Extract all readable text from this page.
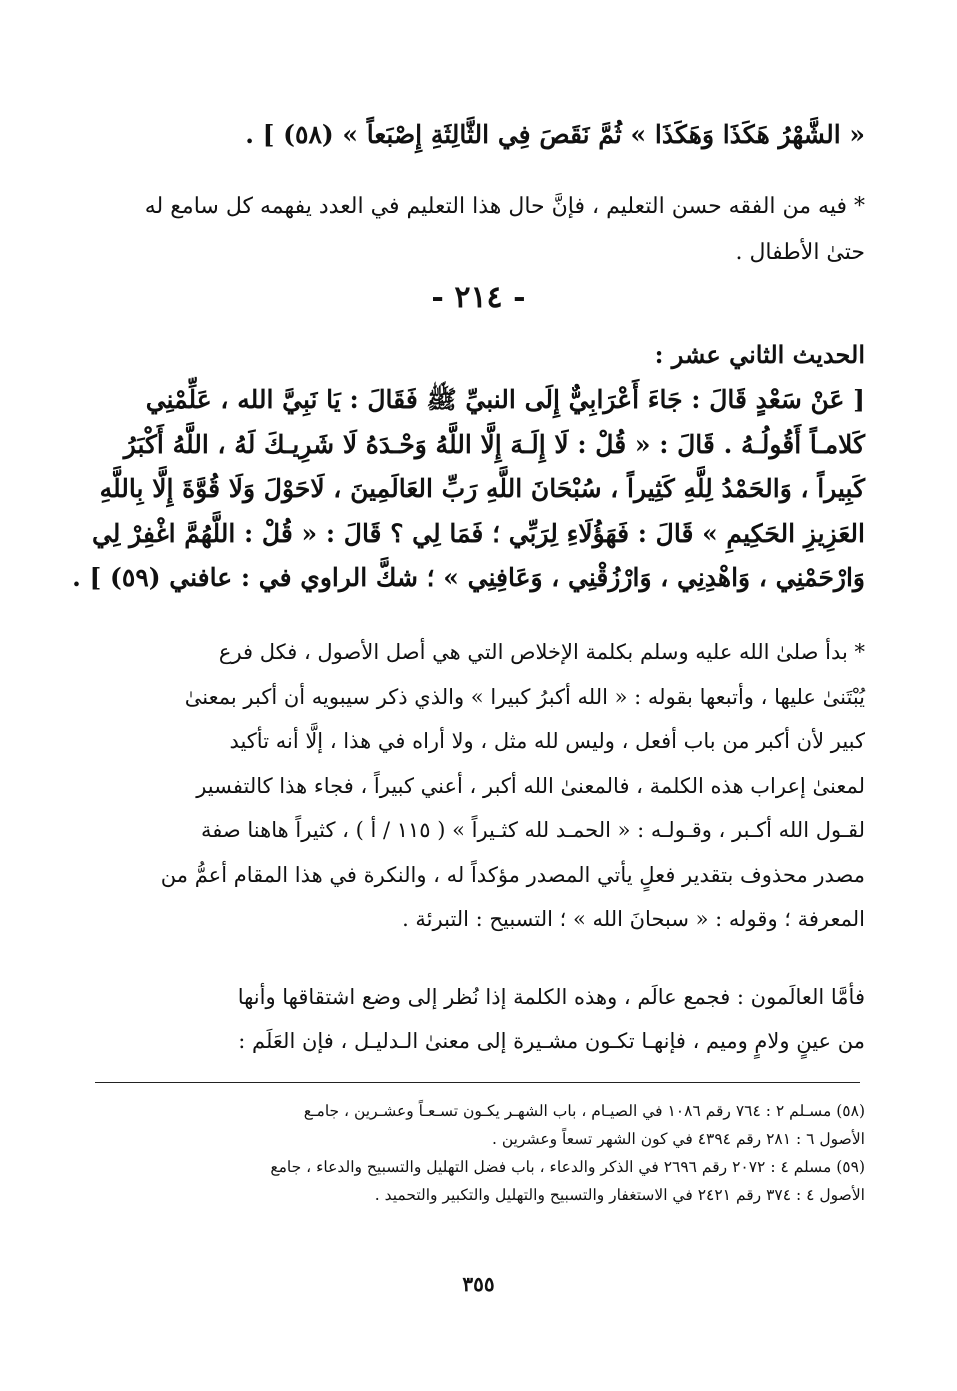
« الشَّهْرُ هَكَذَا وَهَكَذَا » ثُمَّ نَقَصَ فِي الثَّالِثَةِ إِصْبَعاً » (٥٨) ] .
* فيه من الفقه حسن التعليم ، فإنَّ حال هذا التعليم في العدد يفهمه كل سامع له
حتىٰ الأطفال .
- ٢١٤ -
الحديث الثاني عشر :
[ عَنْ سَعْدٍ قَالَ : جَاءَ أَعْرَابِيٌّ إِلَى النبيِّ ﷺ فَقَالَ : يَا نَبِيَّ الله ، عَلِّمْنِي
كَلامـاً أَقُولُـهُ . قَالَ : « قُلْ : لَا إِلَـهَ إِلَّا اللَّهُ وَحْـدَهُ لَا شَرِيـكَ لَهُ ، اللَّهُ أَكْبَرُ
كَبِيراً ، وَالحَمْدُ لِلَّهِ كَثِيراً ، سُبْحَانَ اللَّهِ رَبِّ العَالَمِينَ ، لَاحَوْلَ وَلَا قُوَّةَ إِلَّا بِاللَّهِ
العَزِيزِ الحَكِيمِ » قَالَ : فَهَؤُلَاءِ لِرَبِّي ؛ فَمَا لِي ؟ قَالَ : « قُلْ : اللَّهُمَّ اغْفِرْ لِي
وَارْحَمْنِي ، وَاهْدِنِي ، وَارْزُقْنِي ، وَعَافِنِي » ؛ شكَّ الراوي في : عافني (٥٩) ] .
* بدأ صلىٰ الله عليه وسلم بكلمة الإخلاص التي هي أصل الأصول ، فكل فرع
يُبْتَنىٰ عليها ، وأتبعها بقوله : « الله أكبرُ كبيرا » والذي ذكر سيبويه أن أكبر بمعنىٰ
كبير لأن أكبر من باب أفعل ، وليس لله مثل ، ولا أراه في هذا ، إلَّا أنه تأكيد
لمعنىٰ إعراب هذه الكلمة ، فالمعنىٰ الله أكبر ، أعني كبيراً ، فجاء هذا كالتفسير
لقـول الله أكـبر ، وقـولـه : « الحمـد لله كثـيراً » ( ١١٥ / أ ) ، كثيراً هاهنا صفة
مصدر محذوف بتقدير فعلٍ يأتي المصدر مؤكداً له ، والنكرة في هذا المقام أعمُّ من
المعرفة ؛ وقوله : « سبحانَ الله » ؛ التسبيح : التبرئة .
فأمَّا العالَمون : فجمع عالَم ، وهذه الكلمة إذا نُظر إلى وضع اشتقاقها وأنها
من عينٍ ولامٍ وميم ، فإنهـا تكـون مشـيرة إلى معنىٰ الـدليـل ، فإن العَلَم :
(٥٨) مسـلم ٢ : ٧٦٤ رقم ١٠٨٦ في الصيـام ، باب الشهـر يكـون تسـعـاً وعشـرين ، جامـع
الأصول ٦ : ٢٨١ رقم ٤٣٩٤ في كون الشهر تسعاً وعشرين .
(٥٩) مسلم ٤ : ٢٠٧٢ رقم ٢٦٩٦ في الذكر والدعاء ، باب فضل التهليل والتسبيح والدعاء ، جامع
الأصول ٤ : ٣٧٤ رقم ٢٤٢١ في الاستغفار والتسبيح والتهليل والتكبير والتحميد .
٣٥٥
